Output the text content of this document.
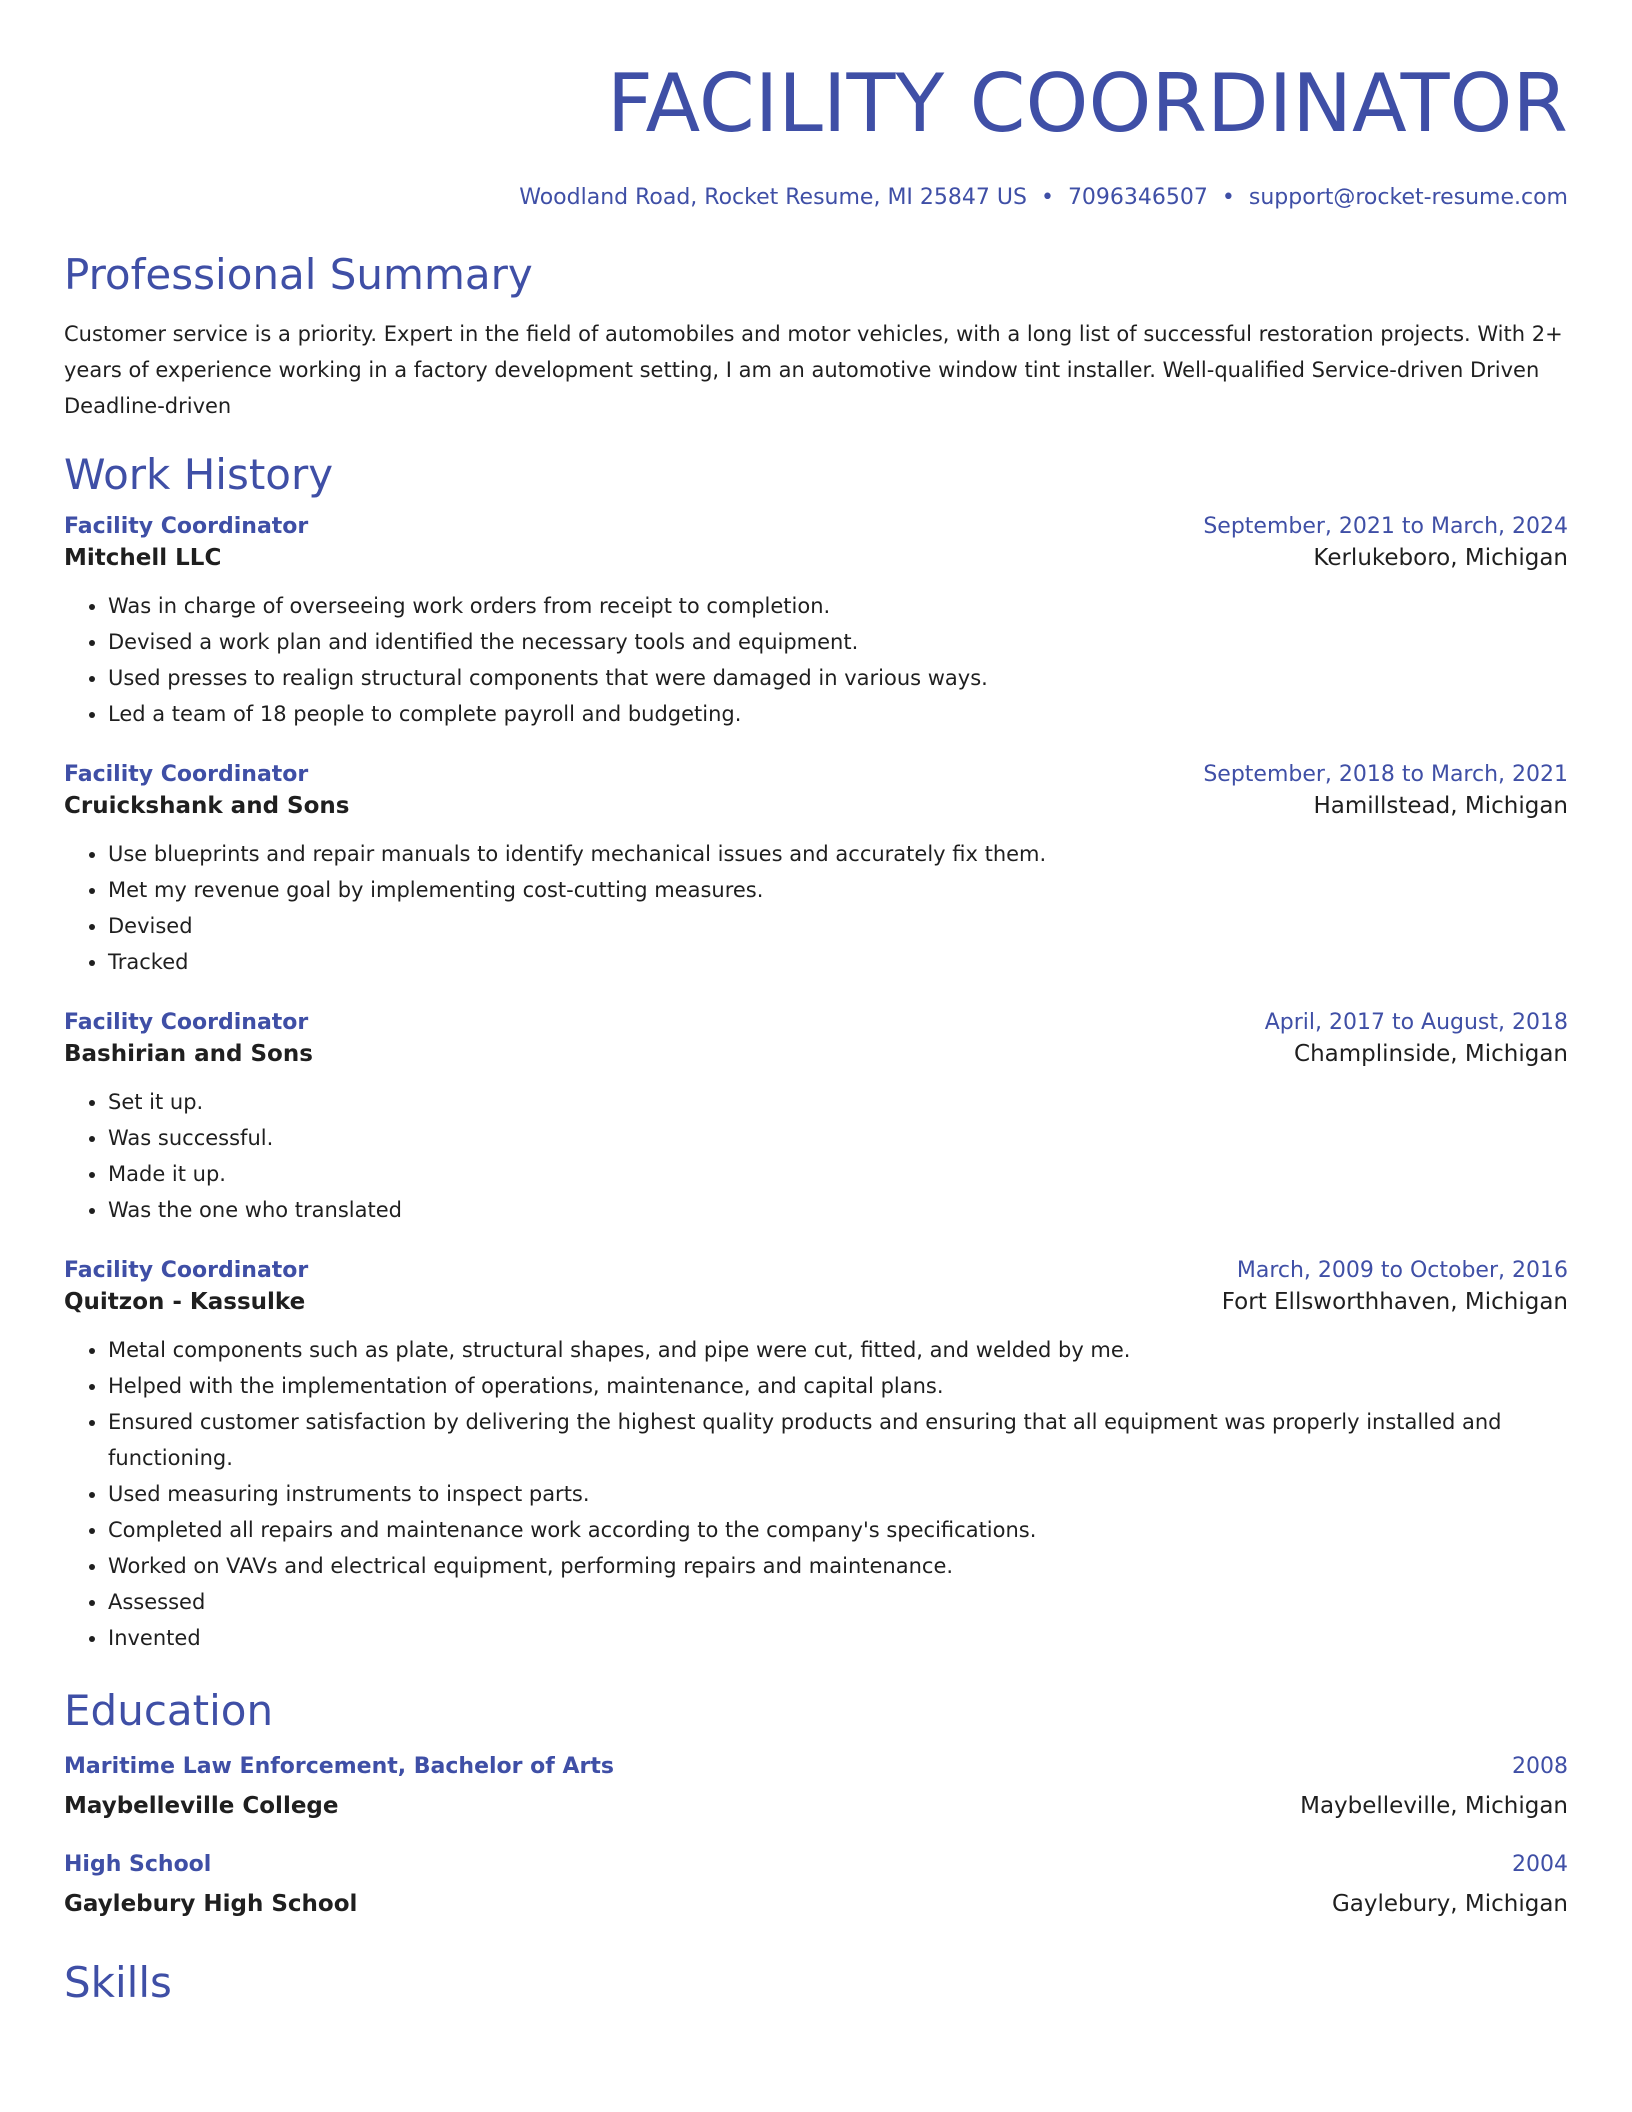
FACILITY COORDINATOR
Woodland Road, Rocket Resume, MI 25847 US • 7096346507 • support@rocket-resume.com
Professional Summary

Customer service is a priority. Expert in the field of automobiles and motor vehicles, with a long list of successful restoration projects. With 2+ years of experience working in a factory development setting, I am an automotive window tint installer. Well-qualified Service-driven Driven Deadline-driven

Work History
Facility Coordinator	September, 2021 to March, 2024
Mitchell LLC	Kerlukeboro, Michigan
• Was in charge of overseeing work orders from receipt to completion.
• Devised a work plan and identified the necessary tools and equipment.
• Used presses to realign structural components that were damaged in various ways.
• Led a team of 18 people to complete payroll and budgeting.
Facility Coordinator	September, 2018 to March, 2021
Cruickshank and Sons	Hamillstead, Michigan
• Use blueprints and repair manuals to identify mechanical issues and accurately fix them.
• Met my revenue goal by implementing cost-cutting measures.
• Devised
• Tracked
Facility Coordinator	April, 2017 to August, 2018
Bashirian and Sons	Champlinside, Michigan
• Set it up.
• Was successful.
• Made it up.
• Was the one who translated
Facility Coordinator	March, 2009 to October, 2016
Quitzon - Kassulke	Fort Ellsworthhaven, Michigan
• Metal components such as plate, structural shapes, and pipe were cut, fitted, and welded by me.
• Helped with the implementation of operations, maintenance, and capital plans.
• Ensured customer satisfaction by delivering the highest quality products and ensuring that all equipment was properly installed and functioning.
• Used measuring instruments to inspect parts.
• Completed all repairs and maintenance work according to the company's specifications.
• Worked on VAVs and electrical equipment, performing repairs and maintenance.
• Assessed
• Invented
Education
Maritime Law Enforcement, Bachelor of Arts	2008
Maybelleville College	Maybelleville, Michigan
High School	2004
Gaylebury High School	Gaylebury, Michigan
Skills
